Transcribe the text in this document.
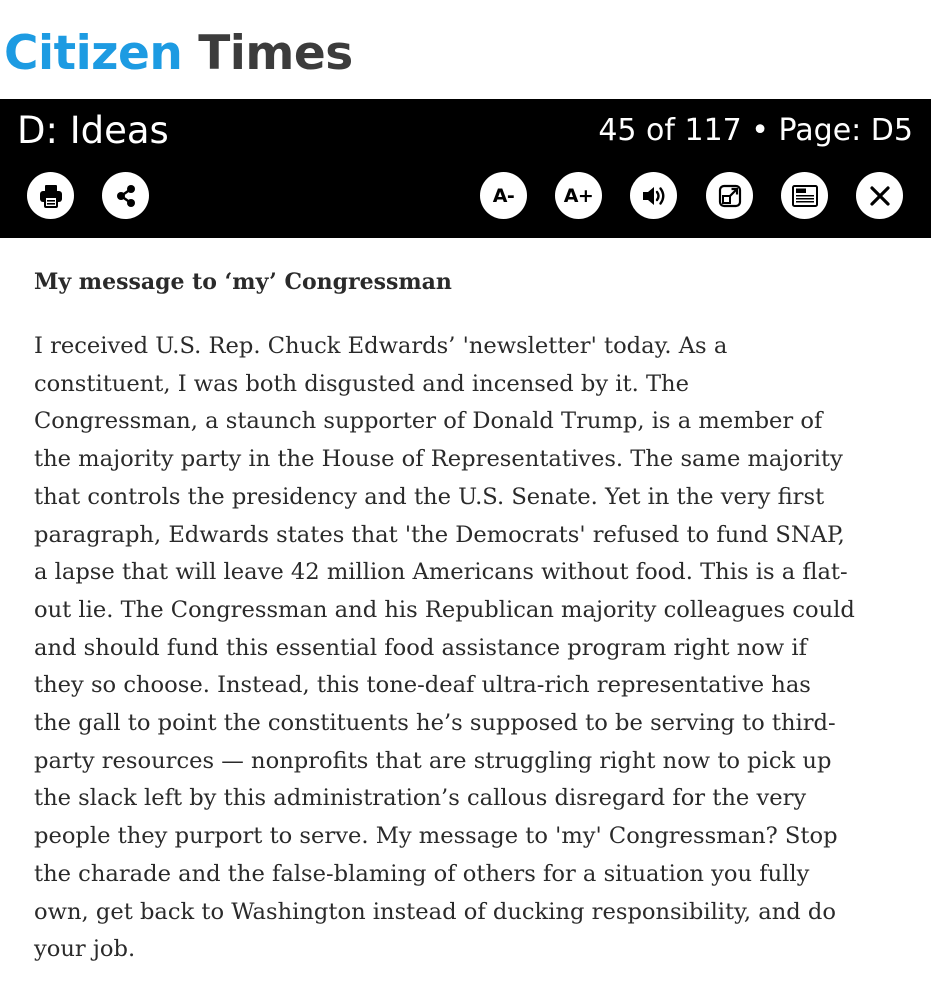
Citizen Times
D: Ideas	45 of 117 • Page: D5
A-	A+
My message to ‘my’ Congressman
I received U.S. Rep. Chuck Edwards’ 'newsletter' today. As a
constituent, I was both disgusted and incensed by it. The
Congressman, a staunch supporter of Donald Trump, is a member of
the majority party in the House of Representatives. The same majority
that controls the presidency and the U.S. Senate. Yet in the very first
paragraph, Edwards states that 'the Democrats' refused to fund SNAP,
a lapse that will leave 42 million Americans without food. This is a flat-
out lie. The Congressman and his Republican majority colleagues could
and should fund this essential food assistance program right now if
they so choose. Instead, this tone-deaf ultra-rich representative has
the gall to point the constituents he’s supposed to be serving to third-
party resources — nonprofits that are struggling right now to pick up
the slack left by this administration’s callous disregard for the very
people they purport to serve. My message to 'my' Congressman? Stop
the charade and the false-blaming of others for a situation you fully
own, get back to Washington instead of ducking responsibility, and do
your job.
